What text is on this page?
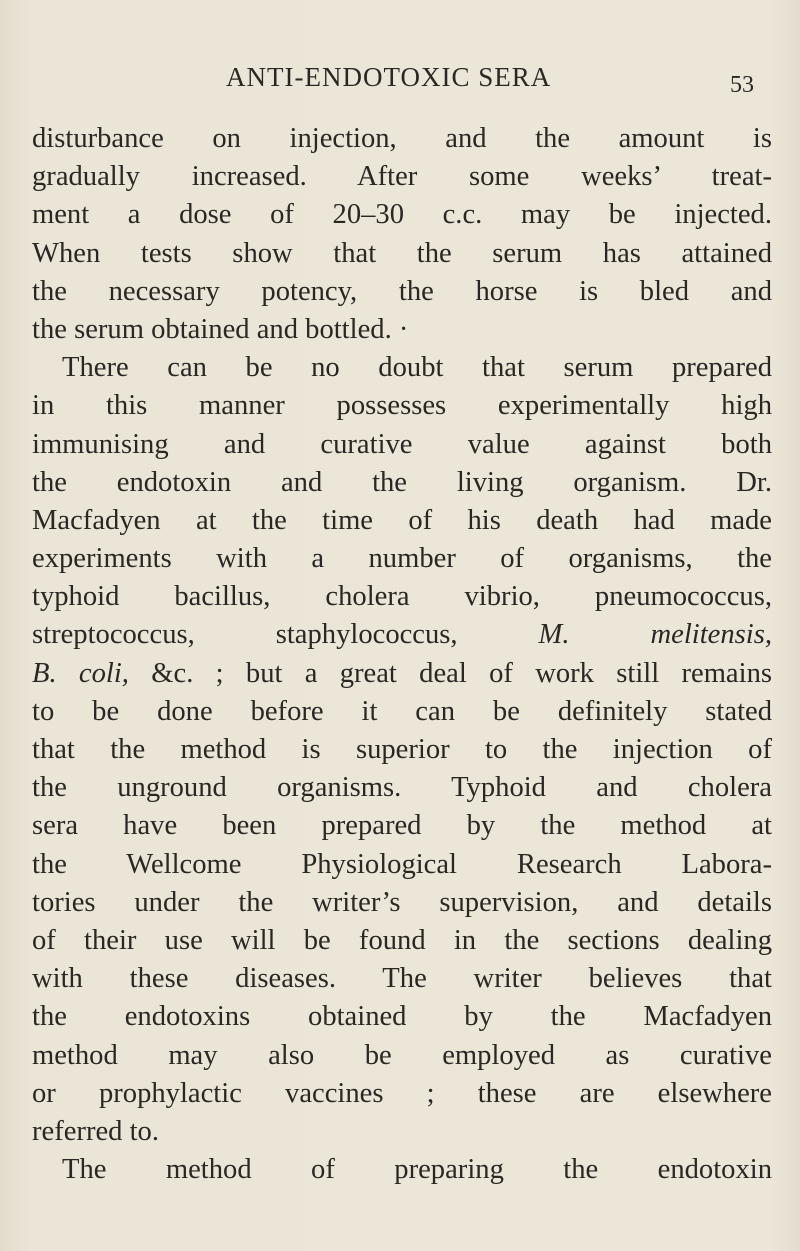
ANTI-ENDOTOXIC SERA	53
disturbance on injection, and the amount is
gradually increased. After some weeks’ treat-
ment a dose of 20–30 c.c. may be injected.
When tests show that the serum has attained
the necessary potency, the horse is bled and
the serum obtained and bottled. ·
There can be no doubt that serum prepared
in this manner possesses experimentally high
immunising and curative value against both
the endotoxin and the living organism. Dr.
Macfadyen at the time of his death had made
experiments with a number of organisms, the
typhoid bacillus, cholera vibrio, pneumococcus,
streptococcus, staphylococcus,	M. melitensis,
B. coli, &c. ; but a great deal of work still remains
to be done before it can be definitely stated
that the method is superior to the injection of
the unground organisms. Typhoid and cholera
sera have been prepared by the method at
the Wellcome Physiological Research Labora-
tories under the writer’s supervision, and details
of their use will be found in the sections dealing
with these diseases. The writer believes that
the endotoxins obtained by the Macfadyen
method may also be employed as curative
or prophylactic vaccines ; these are elsewhere
referred to.
The method of preparing the endotoxin
